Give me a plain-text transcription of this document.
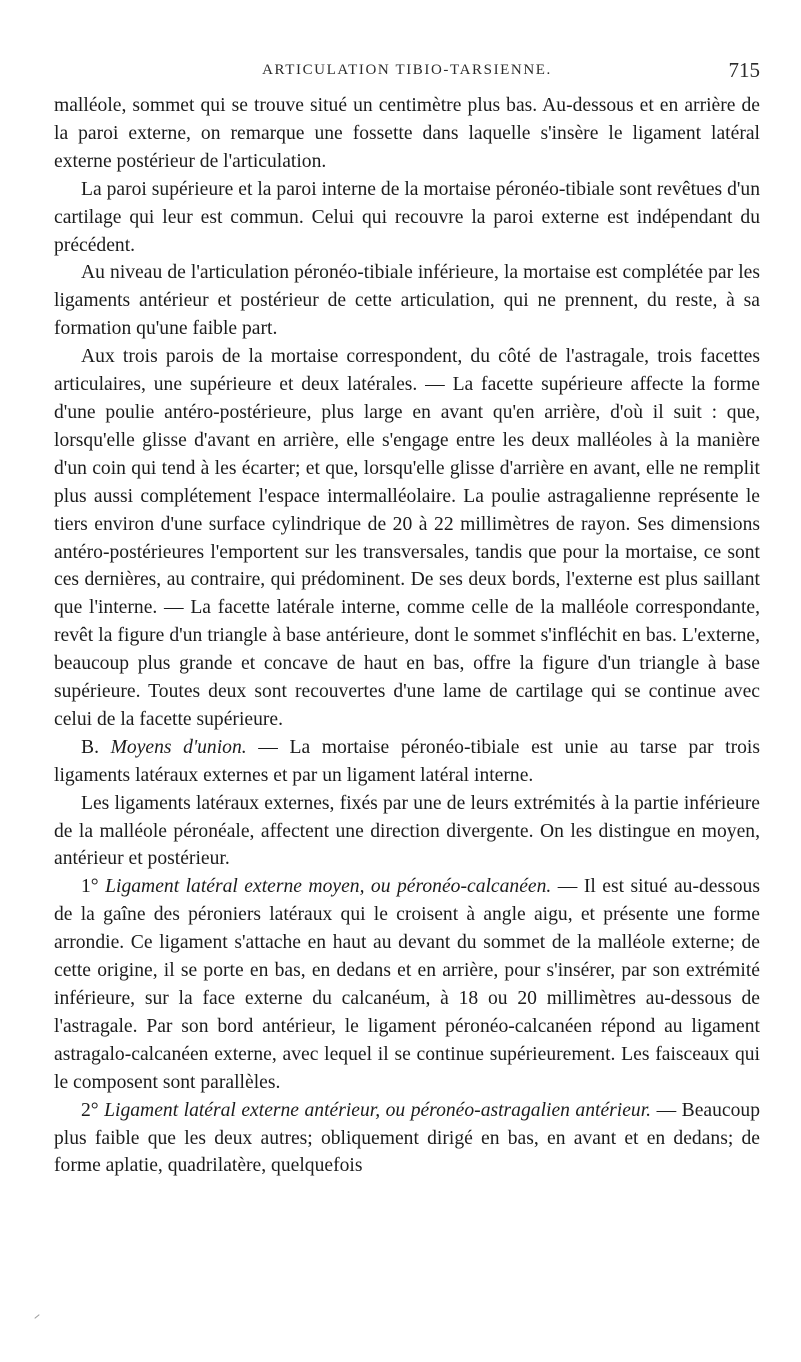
ARTICULATION TIBIO-TARSIENNE.	715

malléole, sommet qui se trouve situé un centimètre plus bas. Au-dessous et en arrière de la paroi externe, on remarque une fossette dans laquelle s'insère le ligament latéral externe postérieur de l'articulation.

La paroi supérieure et la paroi interne de la mortaise péronéo-tibiale sont revêtues d'un cartilage qui leur est commun. Celui qui recouvre la paroi externe est indépendant du précédent.

Au niveau de l'articulation péronéo-tibiale inférieure, la mortaise est complétée par les ligaments antérieur et postérieur de cette articulation, qui ne prennent, du reste, à sa formation qu'une faible part.

Aux trois parois de la mortaise correspondent, du côté de l'astragale, trois facettes articulaires, une supérieure et deux latérales. — La facette supérieure affecte la forme d'une poulie antéro-postérieure, plus large en avant qu'en arrière, d'où il suit : que, lorsqu'elle glisse d'avant en arrière, elle s'engage entre les deux malléoles à la manière d'un coin qui tend à les écarter; et que, lorsqu'elle glisse d'arrière en avant, elle ne remplit plus aussi complétement l'espace intermalléolaire. La poulie astragalienne représente le tiers environ d'une surface cylindrique de 20 à 22 millimètres de rayon. Ses dimensions antéro-postérieures l'emportent sur les transversales, tandis que pour la mortaise, ce sont ces dernières, au contraire, qui prédominent. De ses deux bords, l'externe est plus saillant que l'interne. — La facette latérale interne, comme celle de la malléole correspondante, revêt la figure d'un triangle à base antérieure, dont le sommet s'infléchit en bas. L'externe, beaucoup plus grande et concave de haut en bas, offre la figure d'un triangle à base supérieure. Toutes deux sont recouvertes d'une lame de cartilage qui se continue avec celui de la facette supérieure.

B. Moyens d'union. — La mortaise péronéo-tibiale est unie au tarse par trois ligaments latéraux externes et par un ligament latéral interne.

Les ligaments latéraux externes, fixés par une de leurs extrémités à la partie inférieure de la malléole péronéale, affectent une direction divergente. On les distingue en moyen, antérieur et postérieur.

1° Ligament latéral externe moyen, ou péronéo-calcanéen. — Il est situé au-dessous de la gaîne des péroniers latéraux qui le croisent à angle aigu, et présente une forme arrondie. Ce ligament s'attache en haut au devant du sommet de la malléole externe; de cette origine, il se porte en bas, en dedans et en arrière, pour s'insérer, par son extrémité inférieure, sur la face externe du calcanéum, à 18 ou 20 millimètres au-dessous de l'astragale. Par son bord antérieur, le ligament péronéo-calcanéen répond au ligament astragalo-calcanéen externe, avec lequel il se continue supérieurement. Les faisceaux qui le composent sont parallèles.

2° Ligament latéral externe antérieur, ou péronéo-astragalien antérieur. — Beaucoup plus faible que les deux autres; obliquement dirigé en bas, en avant et en dedans; de forme aplatie, quadrilatère, quelquefois
